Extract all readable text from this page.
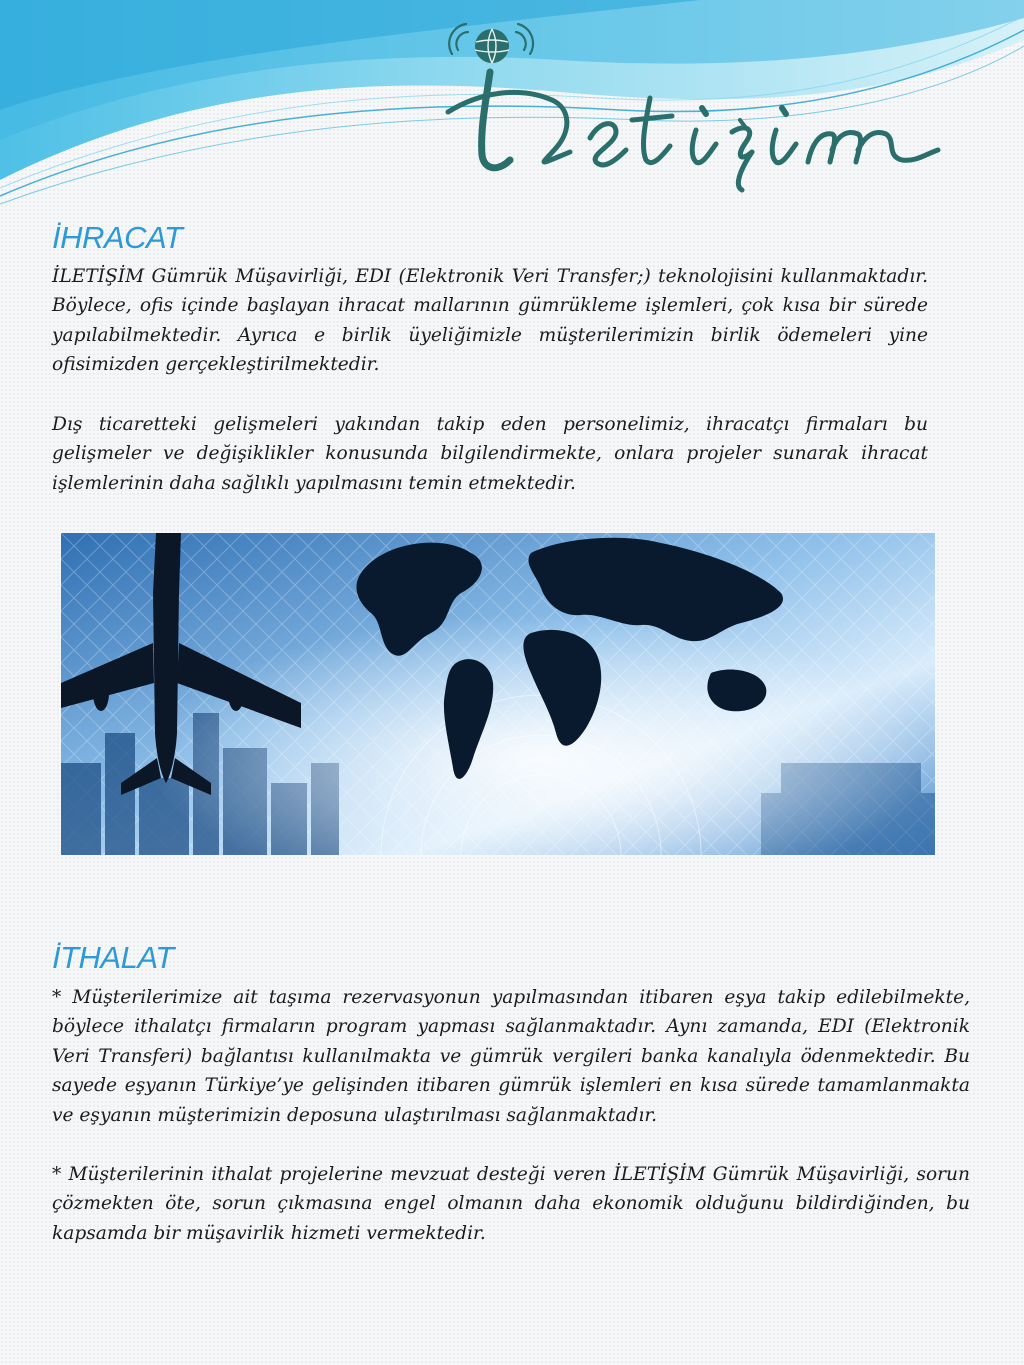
İHRACAT

İLETİŞİM Gümrük Müşavirliği, EDI (Elektronik Veri Transfer;) teknolojisini kullanmaktadır. Böylece, ofis içinde başlayan ihracat mallarının gümrükleme işlemleri, çok kısa bir sürede yapılabilmektedir. Ayrıca e birlik üyeliğimizle müşterilerimizin birlik ödemeleri yine ofisimizden gerçekleştirilmektedir.

Dış ticaretteki gelişmeleri yakından takip eden personelimiz, ihracatçı firmaları bu gelişmeler ve değişiklikler konusunda bilgilendirmekte, onlara projeler sunarak ihracat işlemlerinin daha sağlıklı yapılmasını temin etmektedir.

İTHALAT

* Müşterilerimize ait taşıma rezervasyonun yapılmasından itibaren eşya takip edilebilmekte, böylece ithalatçı firmaların program yapması sağlanmaktadır. Aynı zamanda, EDI (Elektronik Veri Transferi) bağlantısı kullanılmakta ve gümrük vergileri banka kanalıyla ödenmektedir. Bu sayede eşyanın Türkiye’ye gelişinden itibaren gümrük işlemleri en kısa sürede tamamlanmakta ve eşyanın müşterimizin deposuna ulaştırılması sağlanmaktadır.

* Müşterilerinin ithalat projelerine mevzuat desteği veren İLETİŞİM Gümrük Müşavirliği, sorun çözmekten öte, sorun çıkmasına engel olmanın daha ekonomik olduğunu bildirdiğinden, bu kapsamda bir müşavirlik hizmeti vermektedir.
